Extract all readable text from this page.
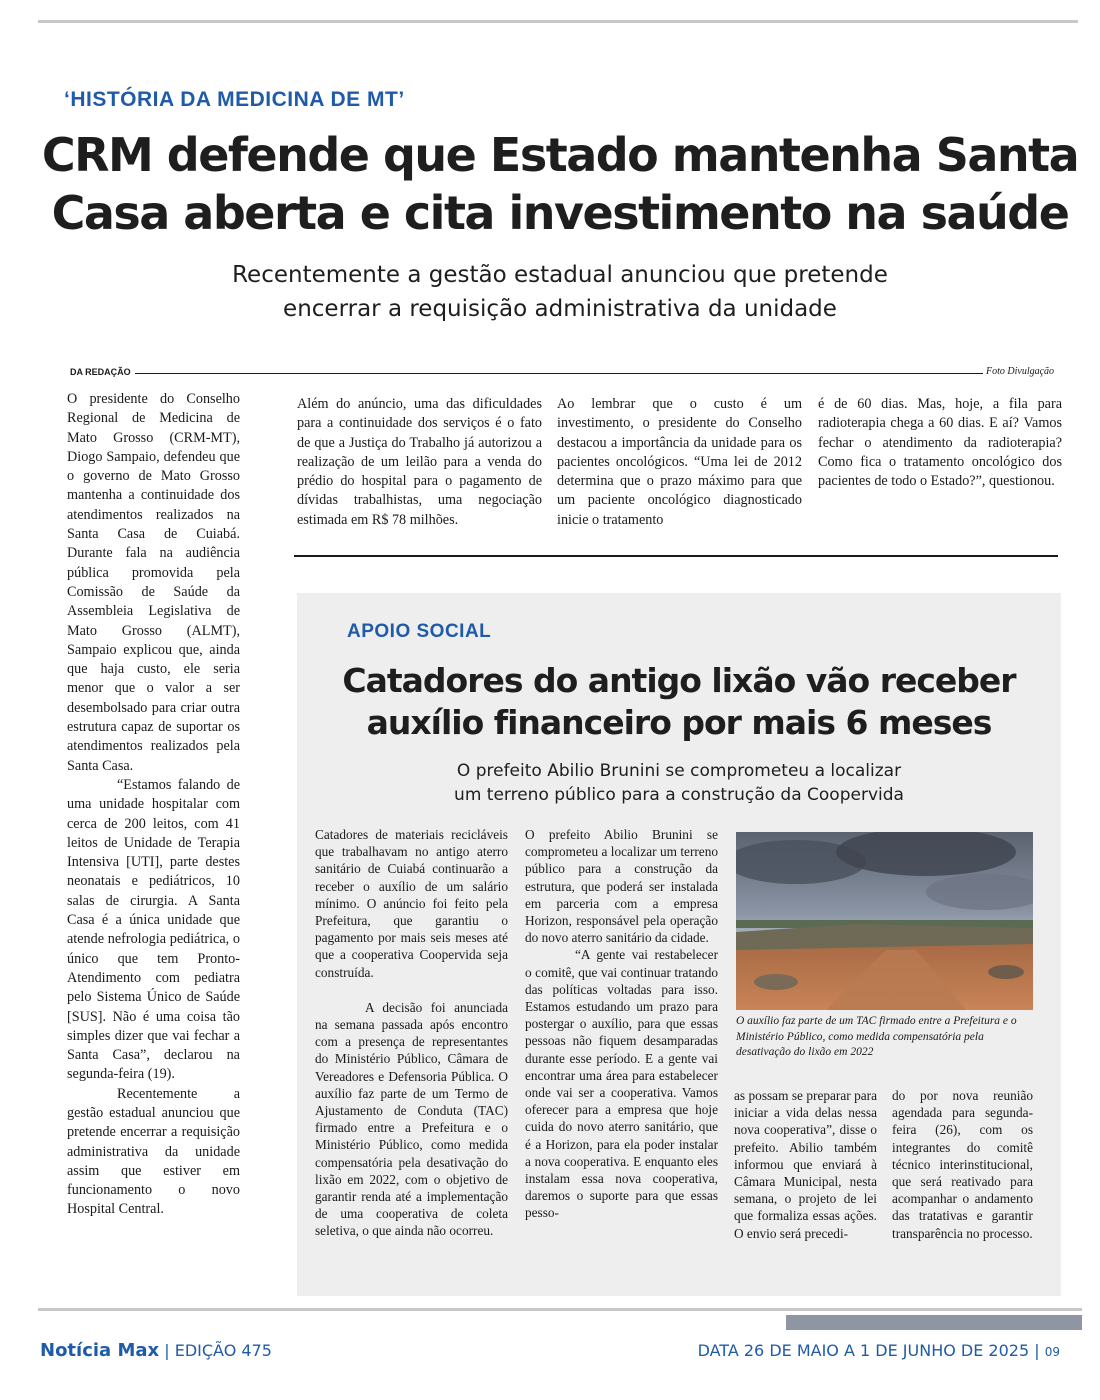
‘HISTÓRIA DA MEDICINA DE MT’
CRM defende que Estado mantenha Santa
Casa aberta e cita investimento na saúde
Recentemente a gestão estadual anunciou que pretende
encerrar a requisição administrativa da unidade
DA REDAÇÃO	Foto Divulgação

O presidente do Conselho Regional de Medicina de Mato Grosso (CRM-MT), Diogo Sampaio, defendeu que o governo de Mato Grosso mantenha a continuidade dos atendimentos realizados na Santa Casa de Cuiabá. Durante fala na audiência pública promovida pela Comissão de Saúde da Assembleia Legislativa de Mato Grosso (ALMT), Sampaio explicou que, ainda que haja custo, ele seria menor que o valor a ser desembolsado para criar outra estrutura capaz de suportar os atendimentos realizados pela Santa Casa.

“Estamos falando de uma unidade hospitalar com cerca de 200 leitos, com 41 leitos de Unidade de Terapia Intensiva [UTI], parte destes neonatais e pediátricos, 10 salas de cirurgia. A Santa Casa é a única unidade que atende nefrologia pediátrica, o único que tem Pronto-Atendimento com pediatra pelo Sistema Único de Saúde [SUS]. Não é uma coisa tão simples dizer que vai fechar a Santa Casa”, declarou na segunda-feira (19).

Recentemente a gestão estadual anunciou que pretende encerrar a requisição administrativa da unidade assim que estiver em funcionamento o novo Hospital Central.

Além do anúncio, uma das dificuldades para a continuidade dos serviços é o fato de que a Justiça do Trabalho já autorizou a realização de um leilão para a venda do prédio do hospital para o pagamento de dívidas trabalhistas, uma negociação estimada em R$ 78 milhões.

Ao lembrar que o custo é um investimento, o presidente do Conselho destacou a importância da unidade para os pacientes oncológicos. “Uma lei de 2012 determina que o prazo máximo para que um paciente oncológico diagnosticado inicie o tratamento

é de 60 dias. Mas, hoje, a fila para radioterapia chega a 60 dias. E aí? Vamos fechar o atendimento da radioterapia? Como fica o tratamento oncológico dos pacientes de todo o Estado?”, questionou.

APOIO SOCIAL
Catadores do antigo lixão vão receber
auxílio financeiro por mais 6 meses
O prefeito Abilio Brunini se comprometeu a localizar
um terreno público para a construção da Coopervida

Catadores de materiais recicláveis que trabalhavam no antigo aterro sanitário de Cuiabá continuarão a receber o auxílio de um salário mínimo. O anúncio foi feito pela Prefeitura, que garantiu o pagamento por mais seis meses até que a cooperativa Coopervida seja construída.

A decisão foi anunciada na semana passada após encontro com a presença de representantes do Ministério Público, Câmara de Vereadores e Defensoria Pública. O auxílio faz parte de um Termo de Ajustamento de Conduta (TAC) firmado entre a Prefeitura e o Ministério Público, como medida compensatória pela desativação do lixão em 2022, com o objetivo de garantir renda até a implementação de uma cooperativa de coleta seletiva, o que ainda não ocorreu.

O prefeito Abilio Brunini se comprometeu a localizar um terreno público para a construção da estrutura, que poderá ser instalada em parceria com a empresa Horizon, responsável pela operação do novo aterro sanitário da cidade.

“A gente vai restabelecer o comitê, que vai continuar tratando das políticas voltadas para isso. Estamos estudando um prazo para postergar o auxílio, para que essas pessoas não fiquem desamparadas durante esse período. E a gente vai encontrar uma área para estabelecer onde vai ser a cooperativa. Vamos oferecer para a empresa que hoje cuida do novo aterro sanitário, que é a Horizon, para ela poder instalar a nova cooperativa. E enquanto eles instalam essa nova cooperativa, daremos o suporte para que essas pesso-

O auxílio faz parte de um TAC firmado entre a Prefeitura e o Ministério Público, como medida compensatória pela desativação do lixão em 2022

as possam se preparar para iniciar a vida delas nessa nova cooperativa”, disse o prefeito. Abilio também informou que enviará à Câmara Municipal, nesta semana, o projeto de lei que formaliza essas ações. O envio será precedi-

do por nova reunião agendada para segunda-feira (26), com os integrantes do comitê técnico interinstitucional, que será reativado para acompanhar o andamento das tratativas e garantir transparência no processo.

Notícia Max | EDIÇÃO 475	DATA 26 DE MAIO A 1 DE JUNHO DE 2025 | 09
